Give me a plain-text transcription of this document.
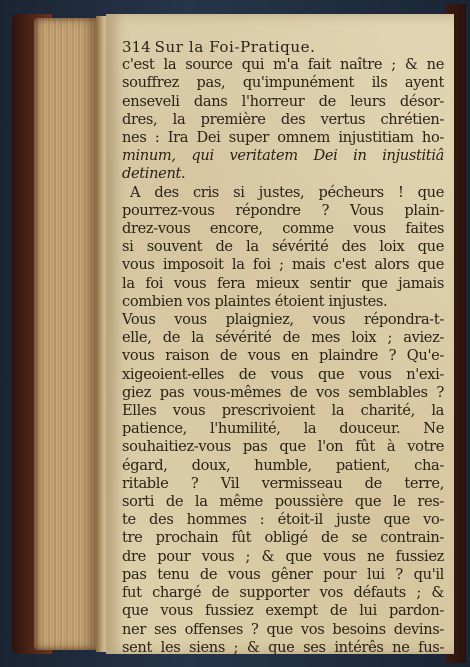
314 Sur la Foi-Pratique.
c'est la source qui m'a fait naître ; & ne
souffrez pas, qu'impunément ils ayent
enseveli dans l'horreur de leurs désor-
dres, la première des vertus chrétien-
nes : Ira Dei super omnem injustitiam ho-
minum, qui veritatem Dei in injustitiâ
detinent.
A des cris si justes, pécheurs ! que
pourrez-vous répondre ? Vous plain-
drez-vous encore, comme vous faites
si souvent de la sévérité des loix que
vous imposoit la foi ; mais c'est alors que
la foi vous fera mieux sentir que jamais
combien vos plaintes étoient injustes.
Vous vous plaigniez, vous répondra-t-
elle, de la sévérité de mes loix ; aviez-
vous raison de vous en plaindre ? Qu'e-
xigeoient-elles de vous que vous n'exi-
giez pas vous-mêmes de vos semblables ?
Elles vous prescrivoient la charité, la
patience, l'humilité, la douceur. Ne
souhaitiez-vous pas que l'on fût à votre
égard, doux, humble, patient, cha-
ritable ? Vil vermisseau de terre,
sorti de la même poussière que le res-
te des hommes : étoit-il juste que vo-
tre prochain fût obligé de se contrain-
dre pour vous ; & que vous ne fussiez
pas tenu de vous gêner pour lui ? qu'il
fut chargé de supporter vos défauts ; &
que vous fussiez exempt de lui pardon-
ner ses offenses ? que vos besoins devins-
sent les siens ; & que ses intérês ne fus-
